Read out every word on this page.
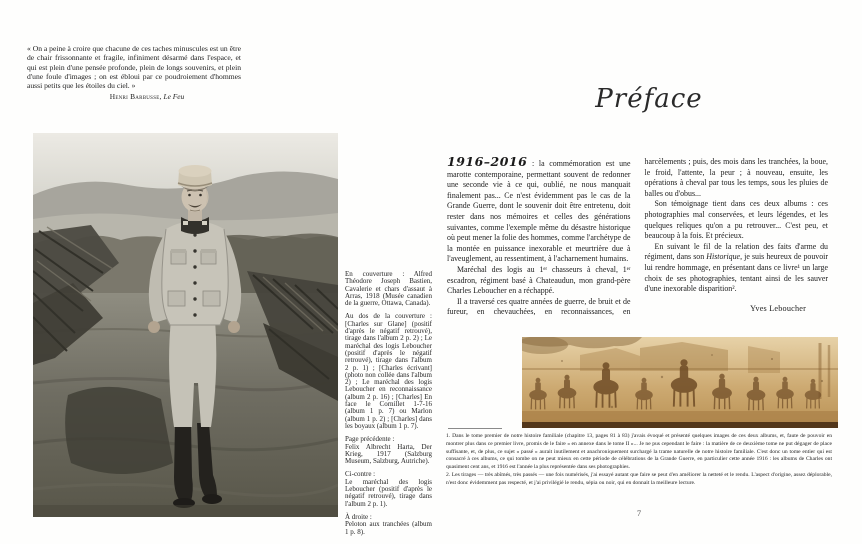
« On a peine à croire que chacune de ces taches minuscules est un être de chair frissonnante et fragile, infiniment désarmé dans l'espace, et qui est plein d'une pensée profonde, plein de longs souvenirs, et plein d'une foule d'images ; on est ébloui par ce poudroiement d'hommes aussi petits que les étoiles du ciel. »

Henri Barbusse, Le Feu

En couverture : Alfred Théodore Joseph Bastien, Cavalerie et chars d'assaut à Arras, 1918 (Musée canadien de la guerre, Ottawa, Canada).

Au dos de la couverture : [Charles sur Glane] (positif d'après le négatif retrouvé), tirage dans l'album 2 p. 2) ; Le maréchal des logis Leboucher (positif d'après le négatif retrouvé), tirage dans l'album 2 p. 1) ; [Charles écrivant] (photo non collée dans l'album 2) ; Le maréchal des logis Leboucher en reconnaissance (album 2 p. 16) ; [Charles] En face le Cornillet 1-7-16 (album 1 p. 7) ou Marlon (album 1 p. 2) ; [Charles] dans les boyaux (album 1 p. 7).

Page précédente :
Felix Albrecht Harta, Der Krieg, 1917 (Salzburg Museum, Salzburg, Autriche).

Ci-contre :
Le maréchal des logis Leboucher (positif d'après le négatif retrouvé), tirage dans l'album 2 p. 1).

À droite :
Peloton aux tranchées (album 1 p. 8).

Préface

1916–2016 : la commémoration est une marotte contemporaine, permettant souvent de redonner une seconde vie à ce qui, oublié, ne nous manquait finalement pas... Ce n'est évidemment pas le cas de la Grande Guerre, dont le souvenir doit être entretenu, doit rester dans nos mémoires et celles des générations suivantes, comme l'exemple même du désastre historique où peut mener la folie des hommes, comme l'archétype de la montée en puissance inexorable et meurtrière due à l'aveuglement, au ressentiment, à l'acharnement humains.

Maréchal des logis au 1ᵉʳ chasseurs à cheval, 1ᵉʳ escadron, régiment basé à Chateaudun, mon grand-père Charles Leboucher en a réchappé.

Il a traversé ces quatre années de guerre, de bruit et de fureur, en chevauchées, en reconnaissances, en

harcèlements ; puis, des mois dans les tranchées, la boue, le froid, l'attente, la peur ; à nouveau, ensuite, les opérations à cheval par tous les temps, sous les pluies de balles ou d'obus...

Son témoignage tient dans ces deux albums : ces photographies mal conservées, et leurs légendes, et les quelques reliques qu'on a pu retrouver... C'est peu, et beaucoup à la fois. Et précieux.

En suivant le fil de la relation des faits d'arme du régiment, dans son Historique, je suis heureux de pouvoir lui rendre hommage, en présentant dans ce livre¹ un large choix de ses photographies, tentant ainsi de les sauver d'une inexorable disparition².

Yves Leboucher

1. Dans le tome premier de notre histoire familiale (chapitre 13, pages 81 à 83) j'avais évoqué et présenté quelques images de ces deux albums, et, faute de pouvoir en montrer plus dans ce premier livre, promis de le faire « en annexe dans le tome II »... Je ne pus cependant le faire : la matière de ce deuxième tome ne put dégager de place suffisante, et, de plus, ce sujet « passé » aurait inutilement et anachroniquement surchargé la trame naturelle de notre histoire familiale. C'est donc un tome entier qui est consacré à ces albums, ce qui tombe on ne peut mieux en cette période de célébrations de la Grande Guerre, en particulier cette année 1916 : les albums de Charles ont quasiment cent ans, et 1916 est l'année la plus représentée dans ses photographies.

2. Les tirages — très abîmés, très passés — une fois numérisés, j'ai essayé autant que faire se peut d'en améliorer la netteté et le rendu. L'aspect d'origine, assez déplorable, n'est donc évidemment pas respecté, et j'ai privilégié le rendu, sépia ou noir, qui en donnait la meilleure lecture.

7
